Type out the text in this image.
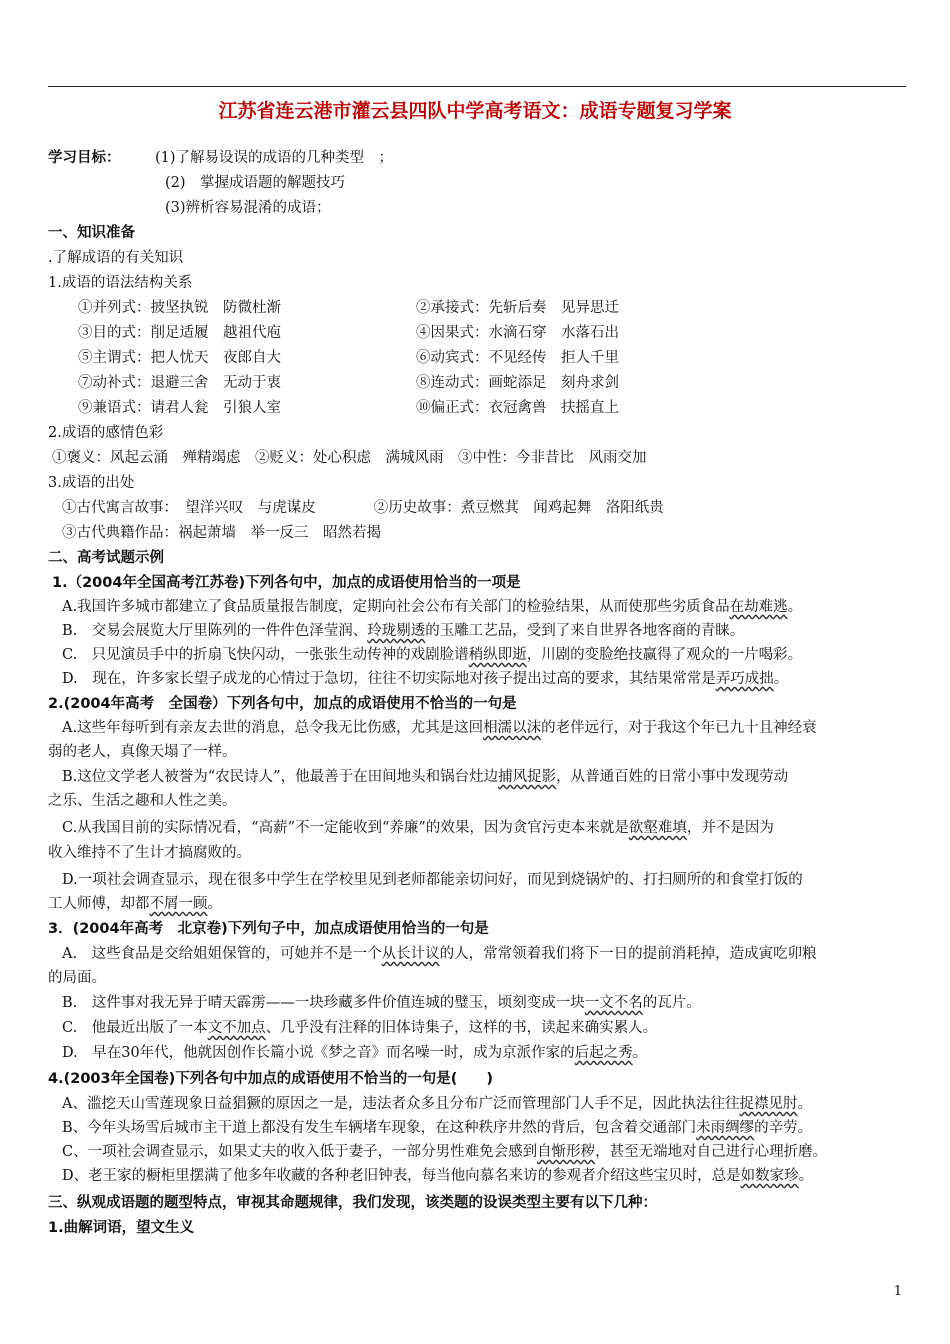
江苏省连云港市灌云县四队中学高考语文：成语专题复习学案
学习目标： (1)了解易设误的成语的几种类型　；
(2)　掌握成语题的解题技巧
(3)辨析容易混淆的成语；
一、知识准备
.了解成语的有关知识
1.成语的语法结构关系
①并列式：披坚执锐　防微杜渐	②承接式：先斩后奏　见异思迁
③目的式：削足适履　越祖代庖	④因果式：水滴石穿　水落石出
⑤主谓式：把人忧天　夜郎自大	⑥动宾式：不见经传　拒人千里
⑦动补式：退避三舍　无动于衷	⑧连动式：画蛇添足　刻舟求剑
⑨兼语式：请君人瓮　引狼人室	⑩偏正式：衣冠禽兽　扶摇直上
2.成语的感情色彩
①褒义：风起云涌　殚精竭虑　②贬义：处心积虑　满城风雨　③中性：今非昔比　风雨交加
3.成语的出处
①古代寓言故事：　望洋兴叹　与虎谋皮　　　　②历史故事：煮豆燃萁　闻鸡起舞　洛阳纸贵
③古代典籍作品：祸起萧墙　举一反三　昭然若揭
二、高考试题示例
1.（2004年全国高考江苏卷)下列各句中，加点的成语使用恰当的一项是
A.我国许多城市都建立了食品质量报告制度，定期向社会公布有关部门的检验结果，从而使那些劣质食品在劫难逃。
B.　交易会展览大厅里陈列的一件件色泽莹润、玲珑剔透的玉雕工艺品，受到了来自世界各地客商的青睐。
C.　只见演员手中的折扇飞快闪动，一张张生动传神的戏剧脸谱稍纵即逝，川剧的变脸绝技赢得了观众的一片喝彩。
D.　现在，许多家长望子成龙的心情过于急切，往往不切实际地对孩子提出过高的要求，其结果常常是弄巧成拙。
2.(2004年高考　全国卷）下列各句中，加点的成语使用不恰当的一句是
A.这些年每听到有亲友去世的消息，总令我无比伤感，尤其是这回相濡以沫的老伴远行，对于我这个年已九十且神经衰
弱的老人，真像天塌了一样。
B.这位文学老人被誉为“农民诗人”，他最善于在田间地头和锅台灶边捕风捉影，从普通百姓的日常小事中发现劳动
之乐、生活之趣和人性之美。
C.从我国目前的实际情况看，“高薪”不一定能收到“养廉”的效果，因为贪官污吏本来就是欲壑难填，并不是因为
收入维持不了生计才搞腐败的。
D.一项社会调查显示，现在很多中学生在学校里见到老师都能亲切问好，而见到烧锅炉的、打扫厕所的和食堂打饭的
工人师傅，却都不屑一顾。
3．(2004年高考　北京卷)下列句子中，加点成语使用恰当的一句是
A.　这些食品是交给姐姐保管的，可她并不是一个从长计议的人，常常领着我们将下一日的提前消耗掉，造成寅吃卯粮
的局面。
B.　这件事对我无异于晴天霹雳——一块珍藏多件价值连城的璧玉，顷刻变成一块一文不名的瓦片。
C.　他最近出版了一本文不加点、几乎没有注释的旧体诗集子，这样的书，读起来确实累人。
D.　早在30年代，他就因创作长篇小说《梦之音》而名噪一时，成为京派作家的后起之秀。
4.(2003年全国卷)下列各句中加点的成语使用不恰当的一句是(　　)
A、滥挖天山雪莲现象日益猖獗的原因之一是，违法者众多且分布广泛而管理部门人手不足，因此执法往往捉襟见肘。
B、今年头场雪后城市主干道上都没有发生车辆堵车现象，在这种秩序井然的背后，包含着交通部门未雨绸缪的辛劳。
C、一项社会调查显示，如果丈夫的收入低于妻子，一部分男性难免会感到自惭形秽，甚至无端地对自己进行心理折磨。
D、老王家的橱柜里摆满了他多年收藏的各种老旧钟表，每当他向慕名来访的参观者介绍这些宝贝时，总是如数家珍。
三、纵观成语题的题型特点，审视其命题规律，我们发现，该类题的设误类型主要有以下几种：
1.曲解词语，望文生义
1
